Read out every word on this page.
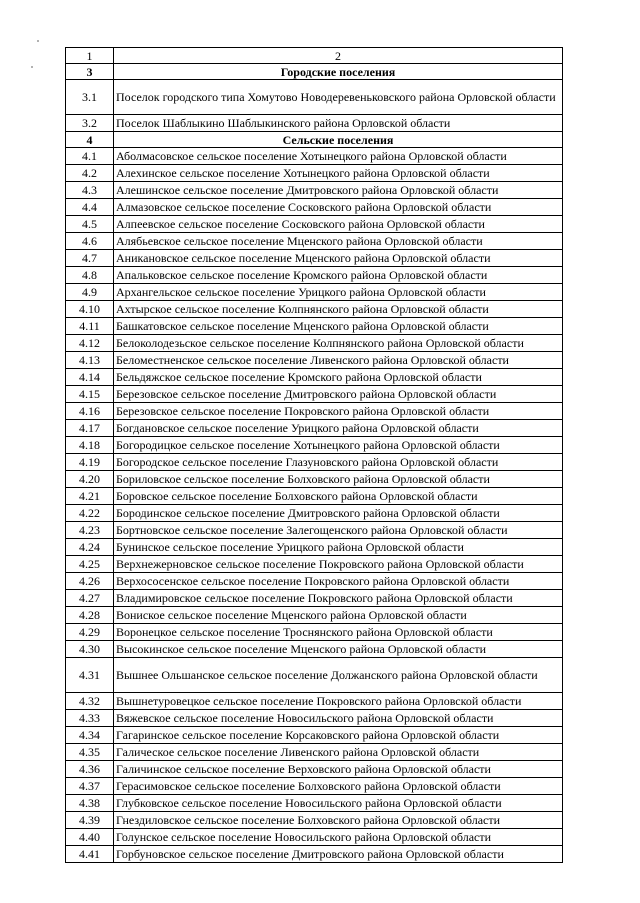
1	2
3	Городские поселения
3.1	Поселок городского типа Хомутово Новодеревеньковского района Орловской области
3.2	Поселок Шаблыкино Шаблыкинского района Орловской области
4	Сельские поселения
4.1	Аболмасовское сельское поселение Хотынецкого района Орловской области
4.2	Алехинское сельское поселение Хотынецкого района Орловской области
4.3	Алешинское сельское поселение Дмитровского района Орловской области
4.4	Алмазовское сельское поселение Сосковского района Орловской области
4.5	Алпеевское сельское поселение Сосковского района Орловской области
4.6	Алябьевское сельское поселение Мценского района Орловской области
4.7	Аникановское сельское поселение Мценского района Орловской области
4.8	Апальковское сельское поселение Кромского района Орловской области
4.9	Архангельское сельское поселение Урицкого района Орловской области
4.10	Ахтырское сельское поселение Колпнянского района Орловской области
4.11	Башкатовское сельское поселение Мценского района Орловской области
4.12	Белоколодезьское сельское поселение Колпнянского района Орловской области
4.13	Беломестненское сельское поселение Ливенского района Орловской области
4.14	Бельдяжское сельское поселение Кромского района Орловской области
4.15	Березовское сельское поселение Дмитровского района Орловской области
4.16	Березовское сельское поселение Покровского района Орловской области
4.17	Богдановское сельское поселение Урицкого района Орловской области
4.18	Богородицкое сельское поселение Хотынецкого района Орловской области
4.19	Богородское сельское поселение Глазуновского района Орловской области
4.20	Бориловское сельское поселение Болховского района Орловской области
4.21	Боровское сельское поселение Болховского района Орловской области
4.22	Бородинское сельское поселение Дмитровского района Орловской области
4.23	Бортновское сельское поселение Залегощенского района Орловской области
4.24	Бунинское сельское поселение Урицкого района Орловской области
4.25	Верхнежерновское сельское поселение Покровского района Орловской области
4.26	Верхососенское сельское поселение Покровского района Орловской области
4.27	Владимировское сельское поселение Покровского района Орловской области
4.28	Вониское сельское поселение Мценского района Орловской области
4.29	Воронецкое сельское поселение Троснянского района Орловской области
4.30	Высокинское сельское поселение Мценского района Орловской области
4.31	Вышнее Ольшанское сельское поселение Должанского района Орловской области
4.32	Вышнетуровецкое сельское поселение Покровского района Орловской области
4.33	Вяжевское сельское поселение Новосильского района Орловской области
4.34	Гагаринское сельское поселение Корсаковского района Орловской области
4.35	Галическое сельское поселение Ливенского района Орловской области
4.36	Галичинское сельское поселение Верховского района Орловской области
4.37	Герасимовское сельское поселение Болховского района Орловской области
4.38	Глубковское сельское поселение Новосильского района Орловской области
4.39	Гнездиловское сельское поселение Болховского района Орловской области
4.40	Голунское сельское поселение Новосильского района Орловской области
4.41	Горбуновское сельское поселение Дмитровского района Орловской области
